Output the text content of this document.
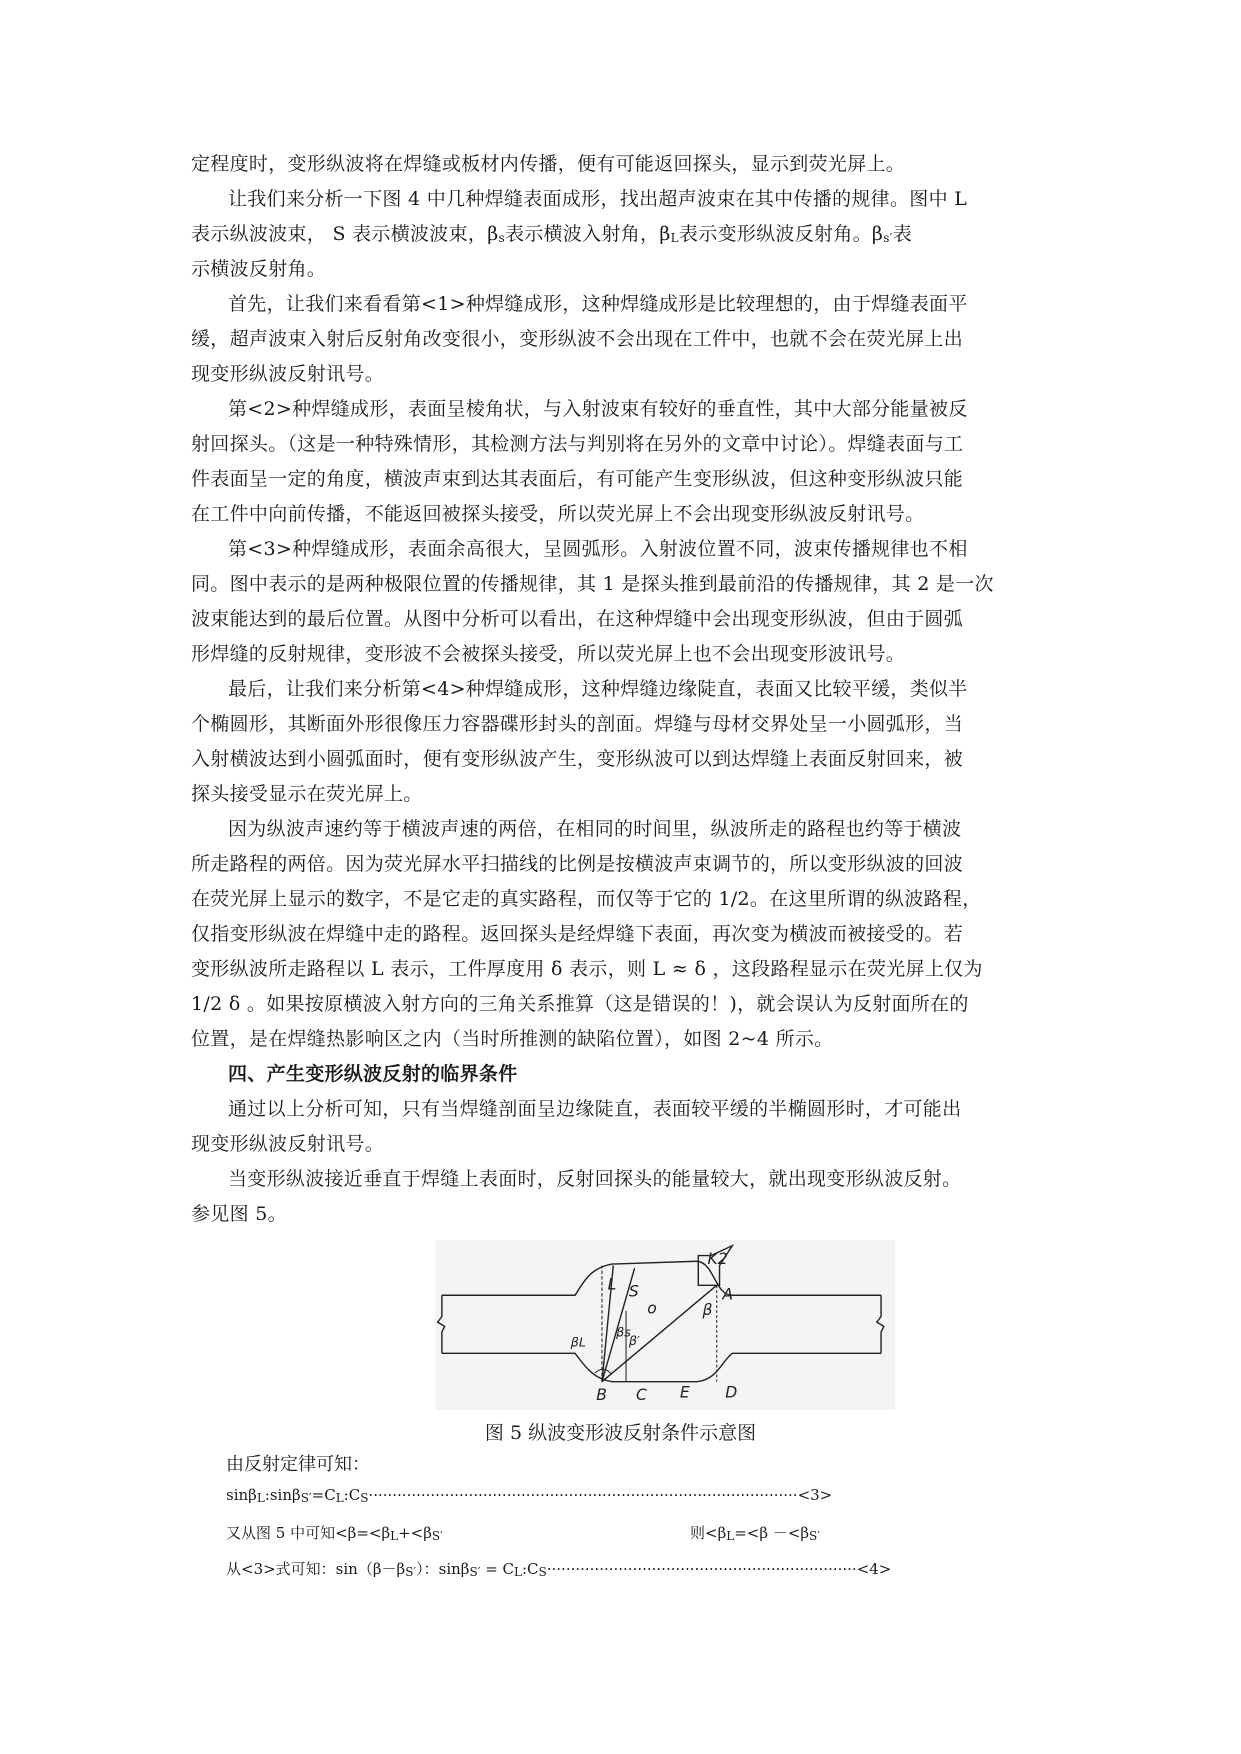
定程度时，变形纵波将在焊缝或板材内传播，便有可能返回探头，显示到荧光屏上。
让我们来分析一下图 4 中几种焊缝表面成形，找出超声波束在其中传播的规律。图中 L
表示纵波波束， S 表示横波波束，$\beta_s$表示横波入射角，$\beta_L$表示变形纵波反射角。$\beta_{s'}$表
示横波反射角。
首先，让我们来看看第<1>种焊缝成形，这种焊缝成形是比较理想的，由于焊缝表面平
缓，超声波束入射后反射角改变很小，变形纵波不会出现在工件中，也就不会在荧光屏上出
现变形纵波反射讯号。
第<2>种焊缝成形，表面呈棱角状，与入射波束有较好的垂直性，其中大部分能量被反
射回探头。（这是一种特殊情形，其检测方法与判别将在另外的文章中讨论）。焊缝表面与工
件表面呈一定的角度，横波声束到达其表面后，有可能产生变形纵波，但这种变形纵波只能
在工件中向前传播，不能返回被探头接受，所以荧光屏上不会出现变形纵波反射讯号。
第<3>种焊缝成形，表面余高很大，呈圆弧形。入射波位置不同，波束传播规律也不相
同。图中表示的是两种极限位置的传播规律，其 1 是探头推到最前沿的传播规律，其 2 是一次
波束能达到的最后位置。从图中分析可以看出，在这种焊缝中会出现变形纵波，但由于圆弧
形焊缝的反射规律，变形波不会被探头接受，所以荧光屏上也不会出现变形波讯号。
最后，让我们来分析第<4>种焊缝成形，这种焊缝边缘陡直，表面又比较平缓，类似半
个椭圆形，其断面外形很像压力容器碟形封头的剖面。焊缝与母材交界处呈一小圆弧形，当
入射横波达到小圆弧面时，便有变形纵波产生，变形纵波可以到达焊缝上表面反射回来，被
探头接受显示在荧光屏上。
因为纵波声速约等于横波声速的两倍，在相同的时间里，纵波所走的路程也约等于横波
所走路程的两倍。因为荧光屏水平扫描线的比例是按横波声束调节的，所以变形纵波的回波
在荧光屏上显示的数字，不是它走的真实路程，而仅等于它的 1/2。在这里所谓的纵波路程，
仅指变形纵波在焊缝中走的路程。返回探头是经焊缝下表面，再次变为横波而被接受的。若
变形纵波所走路程以 L 表示，工件厚度用 δ 表示，则 L ≈ δ ，这段路程显示在荧光屏上仅为
1/2 δ 。如果按原横波入射方向的三角关系推算（这是错误的！)，就会误认为反射面所在的
位置，是在焊缝热影响区之内（当时所推测的缺陷位置），如图 2~4 所示。
四、产生变形纵波反射的临界条件
通过以上分析可知，只有当焊缝剖面呈边缘陡直，表面较平缓的半椭圆形时，才可能出
现变形纵波反射讯号。
K2
A
L S
o β
βL
βs
β′
B C E D
图 5 纵波变形波反射条件示意图
由反射定律可知：
$\sin\beta_L:\sin\beta_{S'}=C_L:C_S\cdot\cdot\cdot\cdot\cdot\cdot\cdot\cdot\cdot\cdot\cdot\cdot\cdot\cdot\cdot\cdot\cdot\cdot\cdot\cdot\cdot\cdot\cdot\cdot\cdot\cdot\cdot\cdot\cdot\cdot\cdot\cdot\cdot\cdot\cdot\cdot\cdot\cdot\cdot\cdot\cdot\cdot\cdot\cdot\cdot\cdot\cdot\cdot\cdot\cdot\cdot\cdot\cdot\cdot\cdot\cdot\cdot\cdot\cdot\cdot\cdot\cdot\cdot\cdot\cdot\cdot\cdot\cdot\cdot\cdot\cdot\cdot\cdot\cdot\cdot\cdot\cdot\cdot\cdot\cdot\cdot\cdot\cdot\cdot\cdot\cdot\cdot\cdot\cdot\cdot<3>$
又从图 5 中可知$<\beta=<\beta_L+<\beta_{S'}$	则$<\beta_L=<\beta -<\beta_{S'}$
从<3>式可知：$\sin(\beta-\beta_{S'})$：$\sin\beta_{S'} = C_L:C_S\cdot\cdot\cdot\cdot\cdot\cdot\cdot\cdot\cdot\cdot\cdot\cdot\cdot\cdot\cdot\cdot\cdot\cdot\cdot\cdot\cdot\cdot\cdot\cdot\cdot\cdot\cdot\cdot\cdot\cdot\cdot\cdot\cdot\cdot\cdot\cdot\cdot\cdot\cdot\cdot\cdot\cdot\cdot\cdot\cdot\cdot\cdot\cdot\cdot\cdot\cdot\cdot\cdot\cdot\cdot\cdot\cdot\cdot\cdot\cdot\cdot\cdot\cdot\cdot\cdot<4>$
当变形纵波接近垂直于焊缝上表面时，反射回探头的能量较大，就出现变形纵波反射。
参见图 5。
